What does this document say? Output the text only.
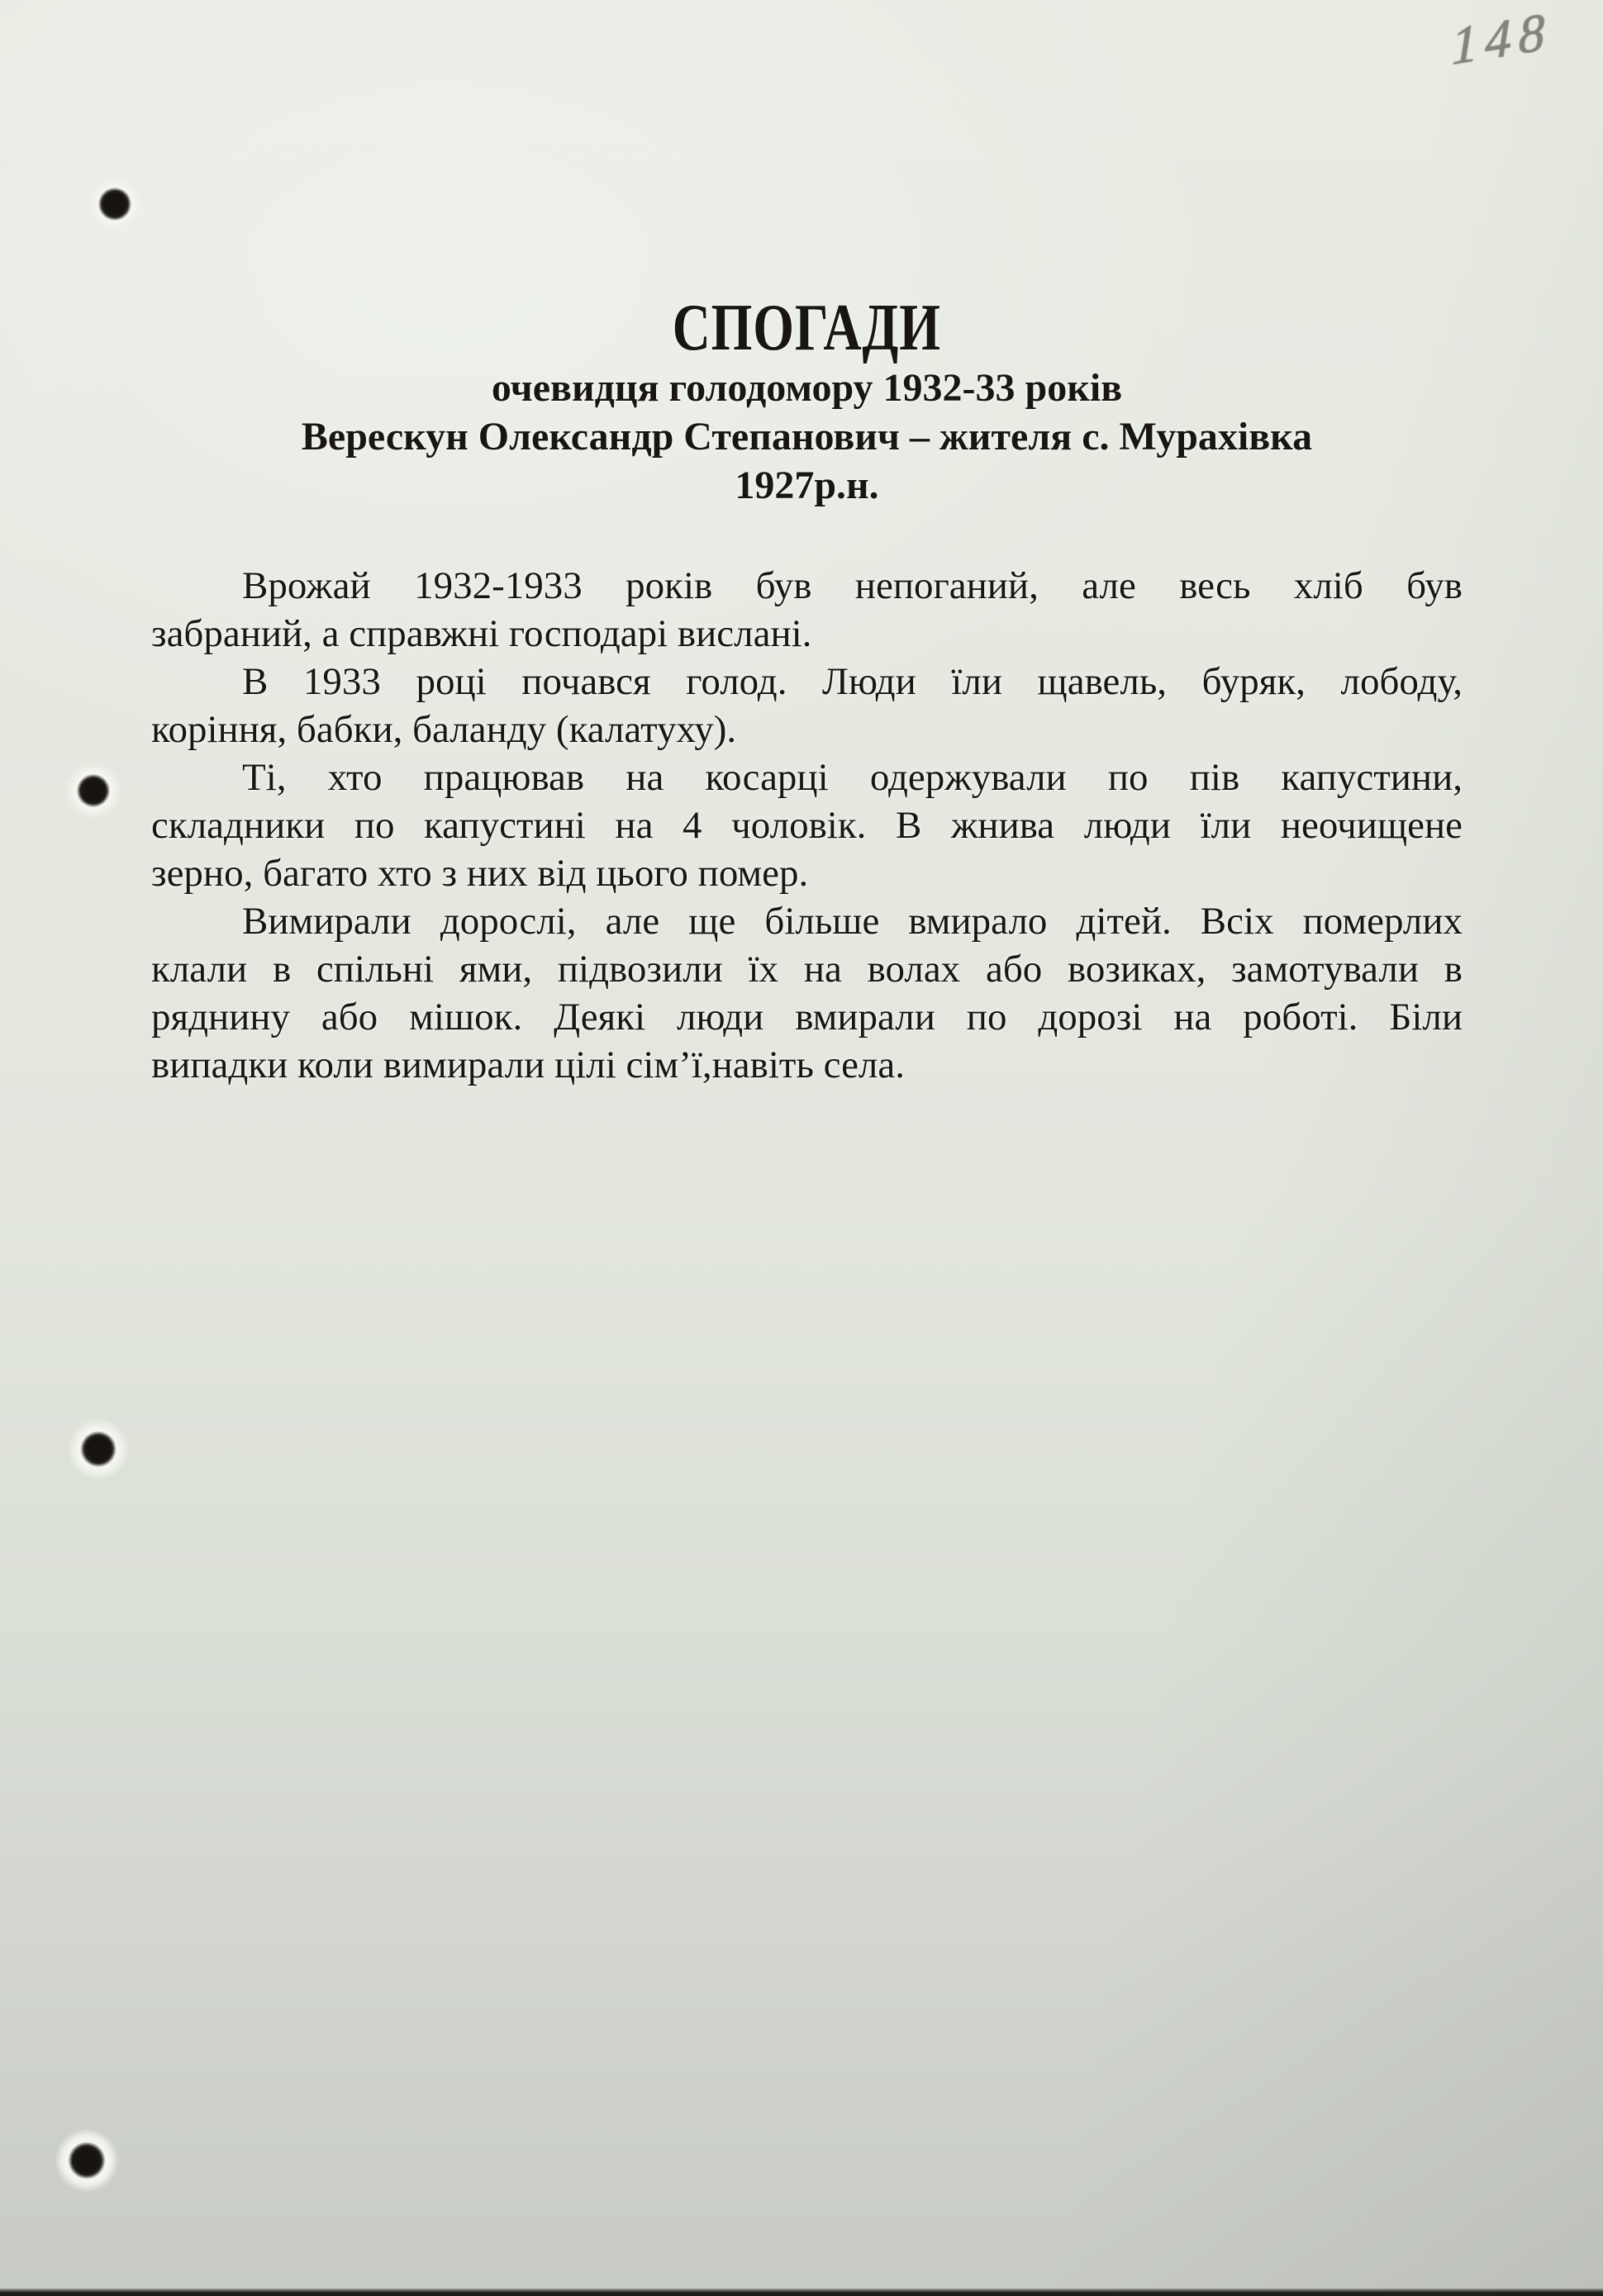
148
СПОГАДИ
очевидця голодомору 1932-33 років
Верескун Олександр Степанович – жителя с. Мурахівка
1927р.н.
Врожай 1932-1933 років був непоганий, але весь хліб був
забраний, а справжні господарі вислані.
В 1933 році почався голод. Люди їли щавель, буряк, лободу,
коріння, бабки, баланду (калатуху).
Ті, хто працював на косарці одержували по пів капустини,
складники по капустині на 4 чоловік. В жнива люди їли неочищене
зерно, багато хто з них від цього помер.
Вимирали дорослі, але ще більше вмирало дітей. Всіх померлих
клали в спільні ями, підвозили їх на волах або возиках, замотували в
ряднину або мішок. Деякі люди вмирали по дорозі на роботі. Біли
випадки коли вимирали цілі сім’ї,навіть села.
